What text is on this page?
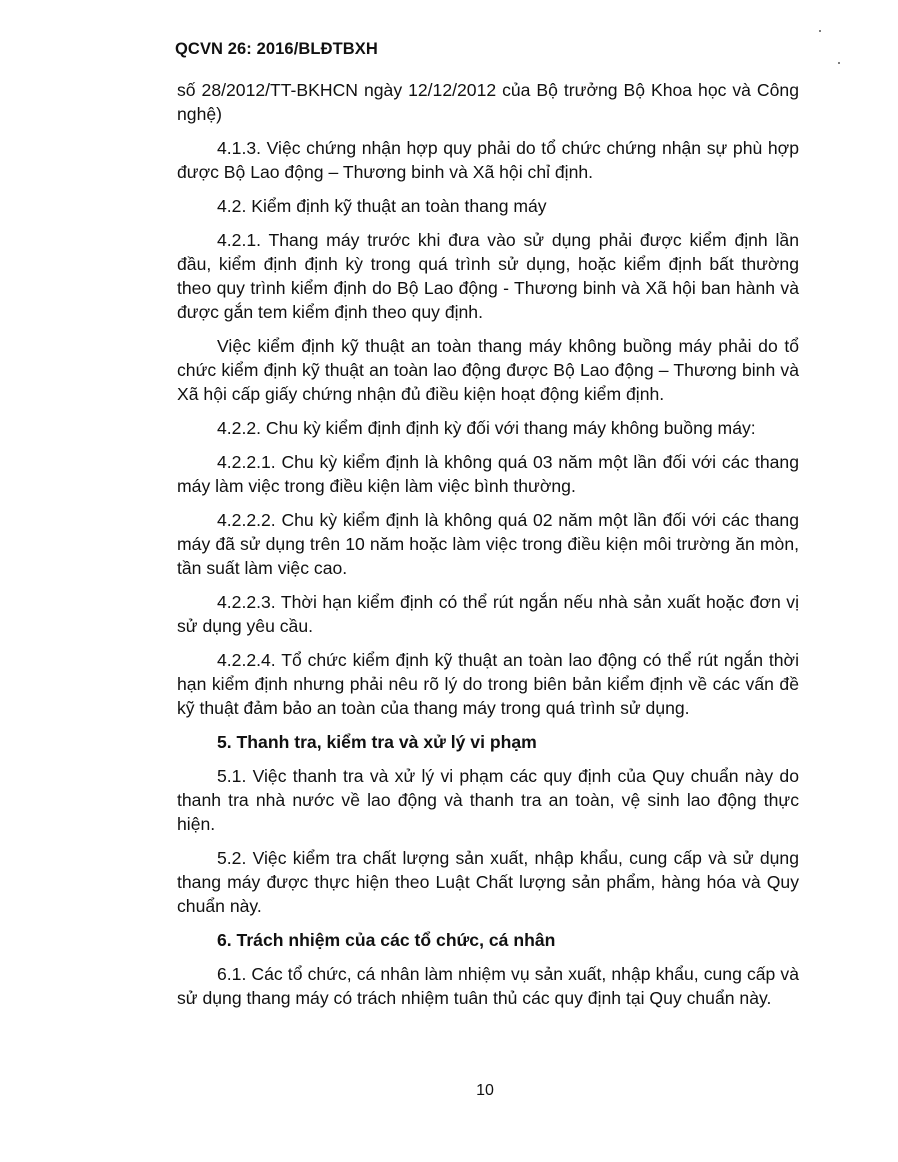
QCVN 26: 2016/BLĐTBXH

số 28/2012/TT-BKHCN ngày 12/12/2012 của Bộ trưởng Bộ Khoa học và Công nghệ)

4.1.3. Việc chứng nhận hợp quy phải do tổ chức chứng nhận sự phù hợp được Bộ Lao động – Thương binh và Xã hội chỉ định.

4.2. Kiểm định kỹ thuật an toàn thang máy

4.2.1. Thang máy trước khi đưa vào sử dụng phải được kiểm định lần đầu, kiểm định định kỳ trong quá trình sử dụng, hoặc kiểm định bất thường theo quy trình kiểm định do Bộ Lao động - Thương binh và Xã hội ban hành và được gắn tem kiểm định theo quy định.

Việc kiểm định kỹ thuật an toàn thang máy không buồng máy phải do tổ chức kiểm định kỹ thuật an toàn lao động được Bộ Lao động – Thương binh và Xã hội cấp giấy chứng nhận đủ điều kiện hoạt động kiểm định.

4.2.2. Chu kỳ kiểm định định kỳ đối với thang máy không buồng máy:

4.2.2.1. Chu kỳ kiểm định là không quá 03 năm một lần đối với các thang máy làm việc trong điều kiện làm việc bình thường.

4.2.2.2. Chu kỳ kiểm định là không quá 02 năm một lần đối với các thang máy đã sử dụng trên 10 năm hoặc làm việc trong điều kiện môi trường ăn mòn, tần suất làm việc cao.

4.2.2.3. Thời hạn kiểm định có thể rút ngắn nếu nhà sản xuất hoặc đơn vị sử dụng yêu cầu.

4.2.2.4. Tổ chức kiểm định kỹ thuật an toàn lao động có thể rút ngắn thời hạn kiểm định nhưng phải nêu rõ lý do trong biên bản kiểm định về các vấn đề kỹ thuật đảm bảo an toàn của thang máy trong quá trình sử dụng.

5. Thanh tra, kiểm tra và xử lý vi phạm

5.1. Việc thanh tra và xử lý vi phạm các quy định của Quy chuẩn này do thanh tra nhà nước về lao động và thanh tra an toàn, vệ sinh lao động thực hiện.

5.2. Việc kiểm tra chất lượng sản xuất, nhập khẩu, cung cấp và sử dụng thang máy được thực hiện theo Luật Chất lượng sản phẩm, hàng hóa và Quy chuẩn này.

6. Trách nhiệm của các tổ chức, cá nhân

6.1. Các tổ chức, cá nhân làm nhiệm vụ sản xuất, nhập khẩu, cung cấp và sử dụng thang máy có trách nhiệm tuân thủ các quy định tại Quy chuẩn này.

10
